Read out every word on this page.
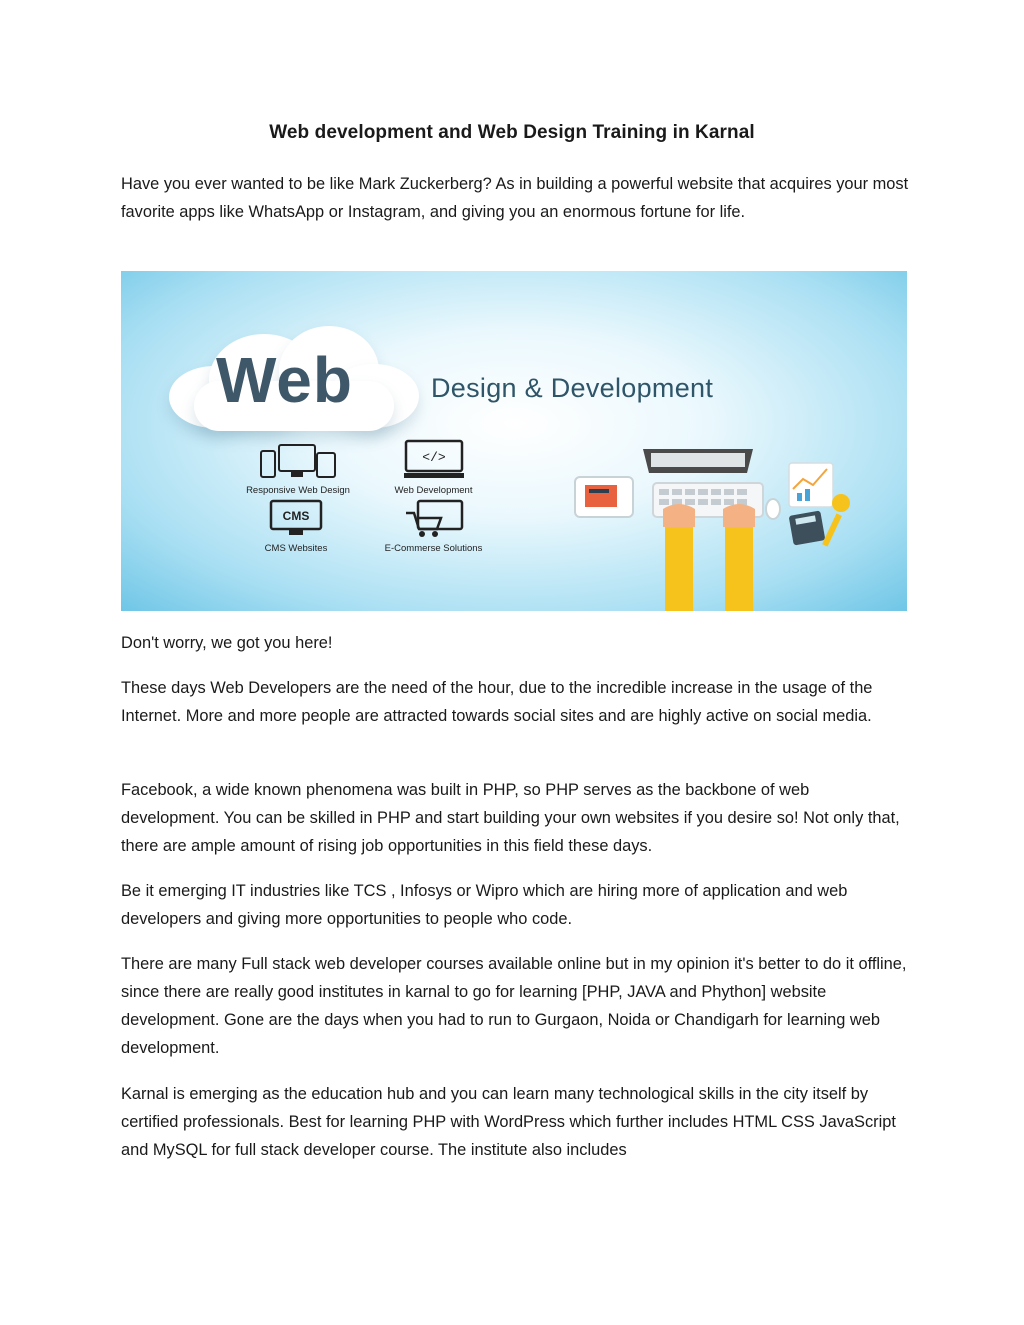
Web development and Web Design Training in Karnal

Have you ever wanted to be like Mark Zuckerberg? As in building a powerful website that acquires your most favorite apps like WhatsApp or Instagram, and giving you an enormous fortune for life.

Web	Design & Development
Responsive Web Design
</>
Web Development
CMS
CMS Websites	E-Commerse Solutions

Don't worry, we got you here!

These days Web Developers are the need of the hour, due to the incredible increase in the usage of the Internet. More and more people are attracted towards social sites and are highly active on social media.

Facebook, a wide known phenomena was built in PHP, so PHP serves as the backbone of web development. You can be skilled in PHP and start building your own websites if you desire so! Not only that, there are ample amount of rising job opportunities in this field these days.

Be it emerging IT industries like TCS , Infosys or Wipro which are hiring more of application and web developers and giving more opportunities to people who code.

There are many Full stack web developer courses available online but in my opinion it's better to do it offline, since there are really good institutes in karnal to go for learning [PHP, JAVA and Phython] website development. Gone are the days when you had to run to Gurgaon, Noida or Chandigarh for learning web development.

Karnal is emerging as the education hub and you can learn many technological skills in the city itself by certified professionals. Best for learning PHP with WordPress which further includes HTML CSS JavaScript and MySQL for full stack developer course. The institute also includes
